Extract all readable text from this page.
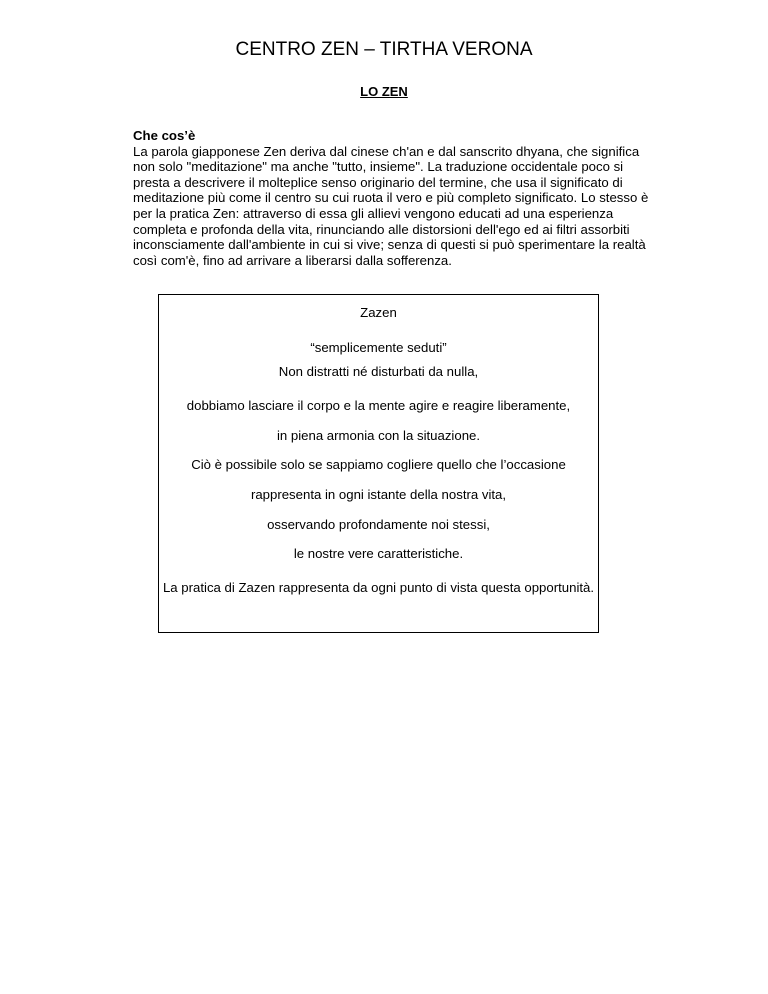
CENTRO ZEN – TIRTHA VERONA
LO ZEN
Che cos’è

La parola giapponese Zen deriva dal cinese ch'an e dal sanscrito dhyana, che significa non solo "meditazione" ma anche "tutto, insieme". La traduzione occidentale poco si presta a descrivere il molteplice senso originario del termine, che usa il significato di meditazione più come il centro su cui ruota il vero e più completo significato. Lo stesso è per la pratica Zen: attraverso di essa gli allievi vengono educati ad una esperienza completa e profonda della vita, rinunciando alle distorsioni dell'ego ed ai filtri assorbiti inconsciamente dall'ambiente in cui si vive; senza di questi si può sperimentare la realtà così com'è, fino ad arrivare a liberarsi dalla sofferenza.

Zazen
“semplicemente seduti”
Non distratti né disturbati da nulla,
dobbiamo lasciare il corpo e la mente agire e reagire liberamente,
in piena armonia con la situazione.
Ciò è possibile solo se sappiamo cogliere quello che l’occasione
rappresenta in ogni istante della nostra vita,
osservando profondamente noi stessi,
le nostre vere caratteristiche.
La pratica di Zazen rappresenta da ogni punto di vista questa opportunità.
